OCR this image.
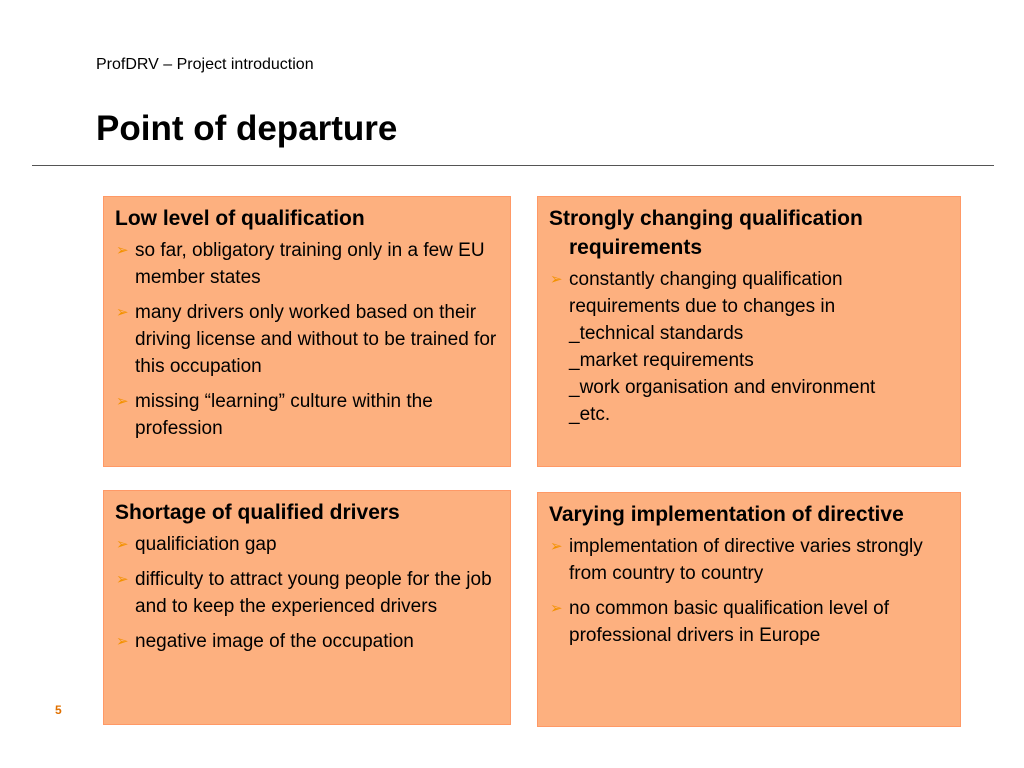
ProfDRV – Project introduction
Point of departure
Low level of qualification
➢ so far, obligatory training only in a few EU member states
➢ many drivers only worked based on their driving license and without to be trained for this occupation
➢ missing “learning” culture within the profession
Strongly changing qualification requirements
➢ constantly changing qualification requirements due to changes in
_technical standards
_market requirements
_work organisation and environment
_etc.
Shortage of qualified drivers
➢ qualificiation gap
➢ difficulty to attract young people for the job and to keep the experienced drivers
➢ negative image of the occupation
Varying implementation of directive
➢ implementation of directive varies strongly from country to country
➢ no common basic qualification level of professional drivers in Europe
5
